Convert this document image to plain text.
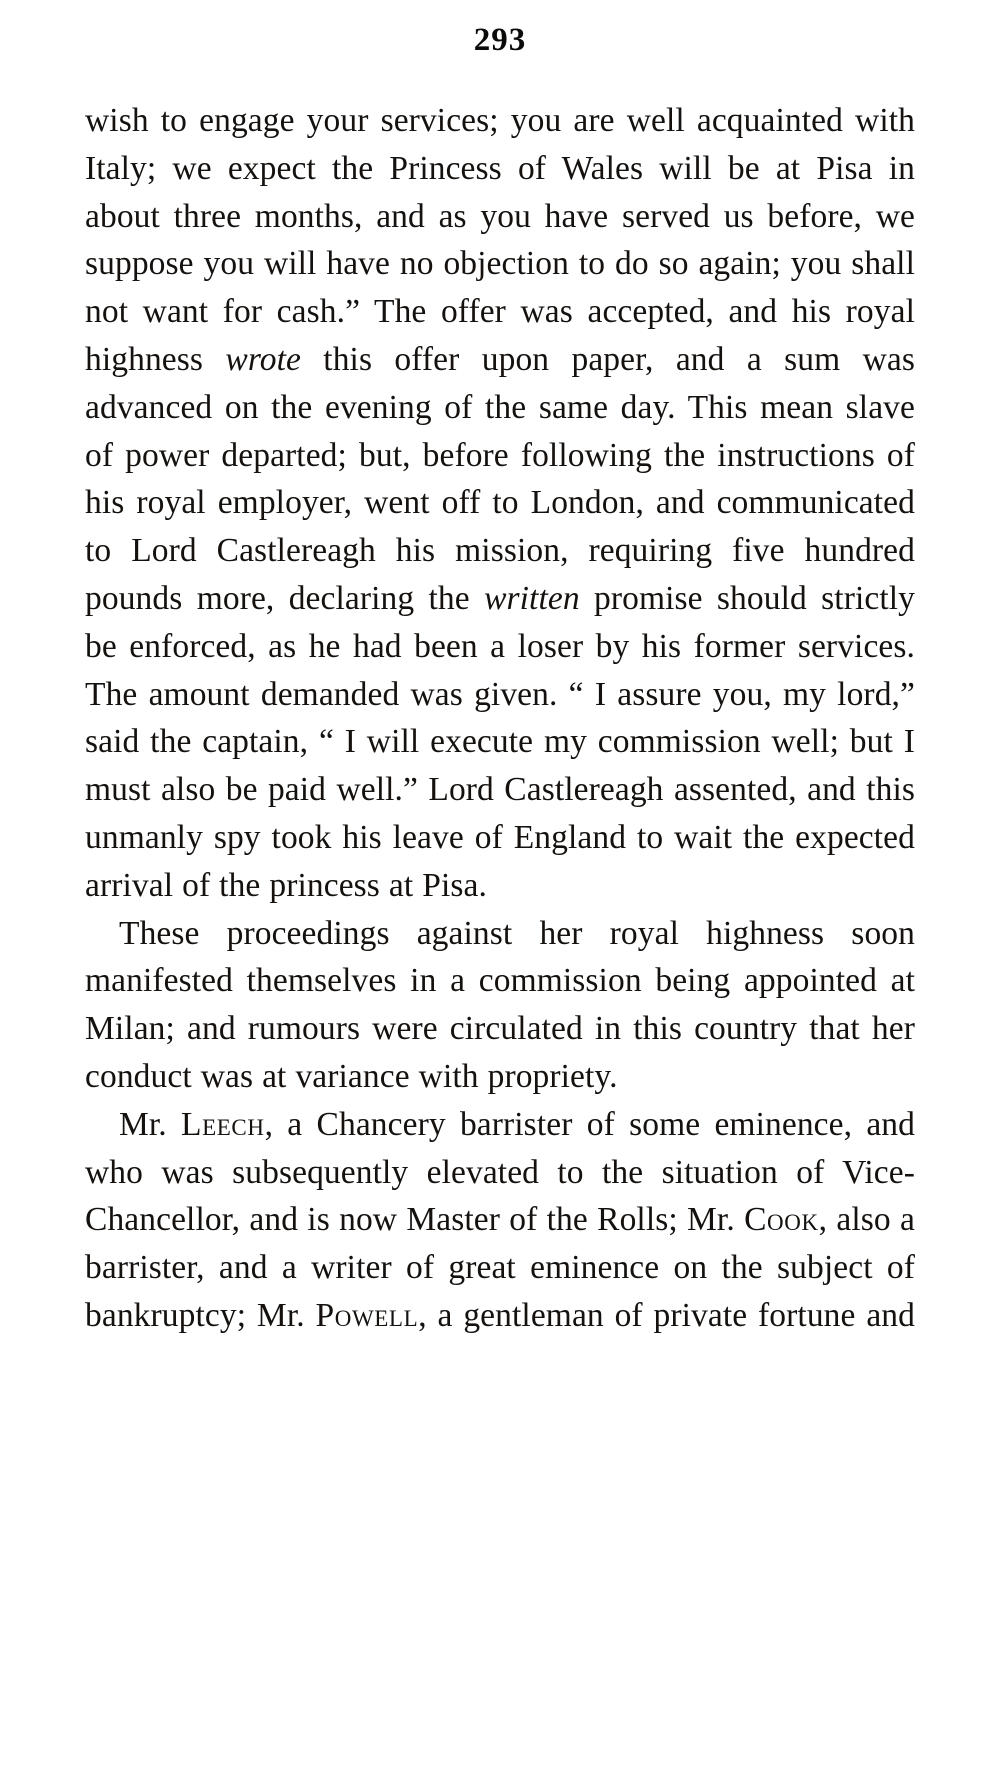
293

wish to engage your services; you are well acquainted with Italy; we expect the Princess of Wales will be at Pisa in about three months, and as you have served us before, we suppose you will have no objection to do so again; you shall not want for cash.” The offer was accepted, and his royal highness wrote this offer upon paper, and a sum was advanced on the evening of the same day. This mean slave of power departed; but, before following the instructions of his royal employer, went off to London, and communicated to Lord Castlereagh his mission, requiring five hundred pounds more, declaring the written promise should strictly be enforced, as he had been a loser by his former services. The amount demanded was given. “ I assure you, my lord,” said the captain, “ I will execute my commission well; but I must also be paid well.” Lord Castlereagh assented, and this unmanly spy took his leave of England to wait the expected arrival of the princess at Pisa.

These proceedings against her royal highness soon manifested themselves in a commission being appointed at Milan; and rumours were circulated in this country that her conduct was at variance with propriety.

Mr. Leech, a Chancery barrister of some eminence, and who was subsequently elevated to the situation of Vice-Chancellor, and is now Master of the Rolls; Mr. Cook, also a barrister, and a writer of great eminence on the subject of bankruptcy; Mr. Powell, a gentleman of private fortune and
